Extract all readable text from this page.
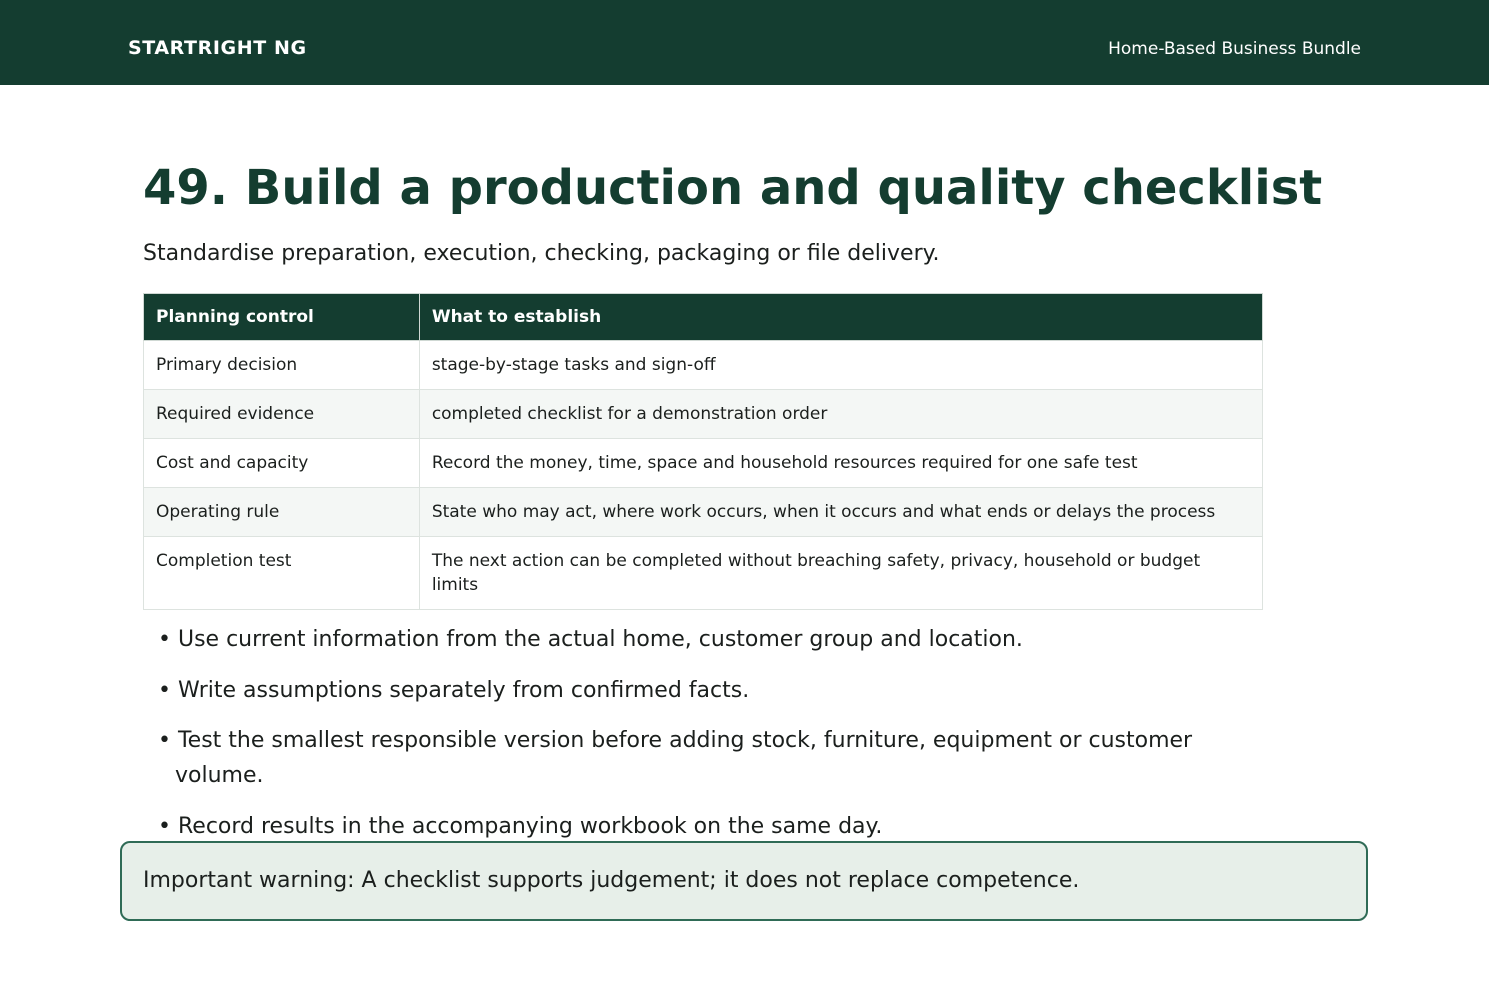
STARTRIGHT NG	Home-Based Business Bundle
49. Build a production and quality checklist

Standardise preparation, execution, checking, packaging or file delivery.

Planning control	What to establish
Primary decision	stage-by-stage tasks and sign-off
Required evidence	completed checklist for a demonstration order
Cost and capacity	Record the money, time, space and household resources required for one safe test
Operating rule	State who may act, where work occurs, when it occurs and what ends or delays the process
Completion test	The next action can be completed without breaching safety, privacy, household or budget limits
• Use current information from the actual home, customer group and location.
• Write assumptions separately from confirmed facts.
• Test the smallest responsible version before adding stock, furniture, equipment or customer volume.
• Record results in the accompanying workbook on the same day.
Important warning: A checklist supports judgement; it does not replace competence.
